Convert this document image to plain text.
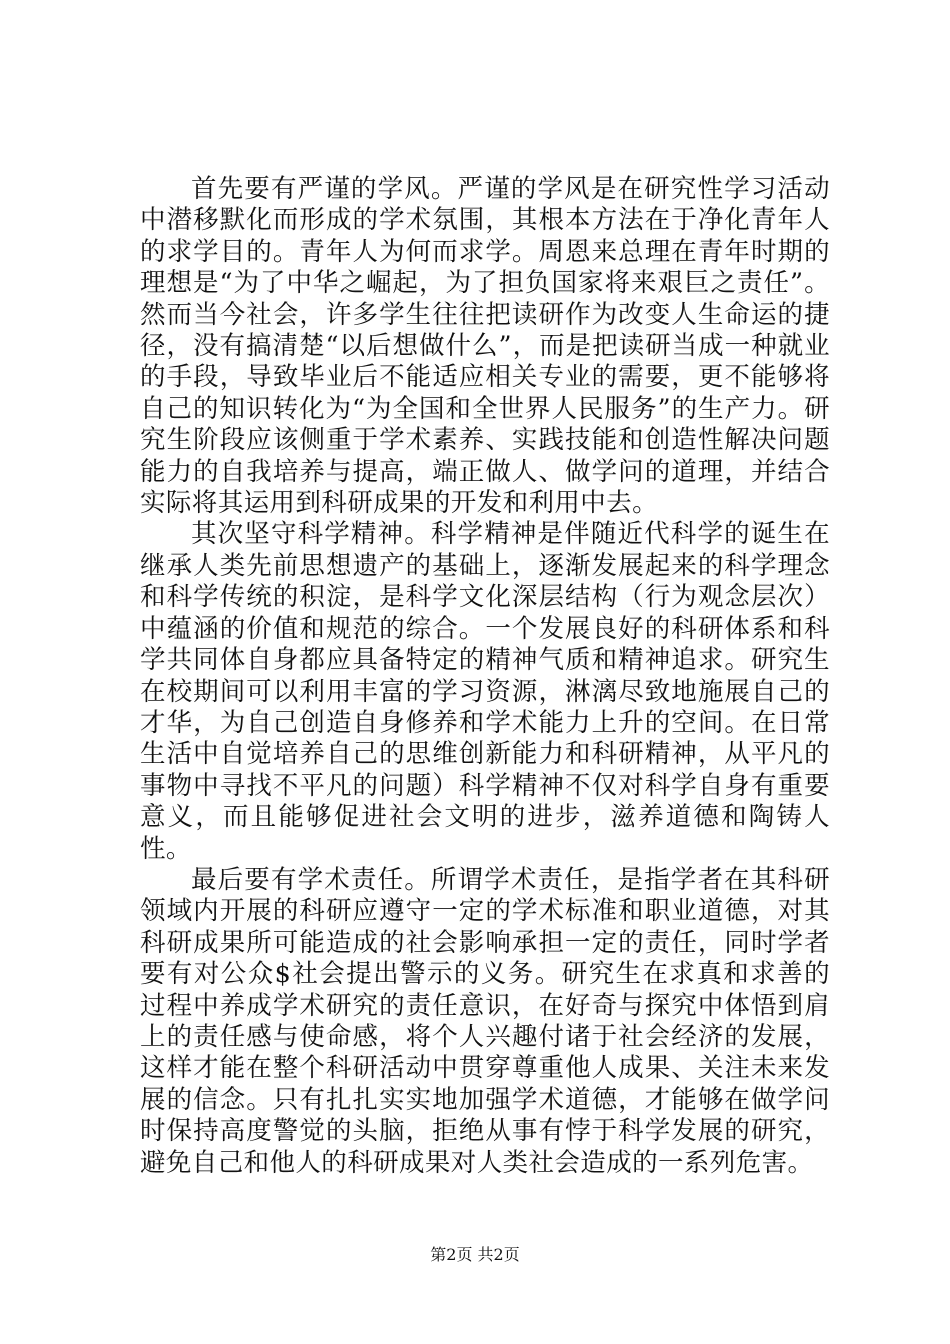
首先要有严谨的学风。严谨的学风是在研究性学习活动中潜移默化而形成的学术氛围，其根本方法在于净化青年人的求学目的。青年人为何而求学。周恩来总理在青年时期的理想是“为了中华之崛起，为了担负国家将来艰巨之责任”。然而当今社会，许多学生往往把读研作为改变人生命运的捷径，没有搞清楚“以后想做什么”，而是把读研当成一种就业的手段，导致毕业后不能适应相关专业的需要，更不能够将自己的知识转化为“为全国和全世界人民服务”的生产力。研究生阶段应该侧重于学术素养、实践技能和创造性解决问题能力的自我培养与提高，端正做人、做学问的道理，并结合实际将其运用到科研成果的开发和利用中去。

其次坚守科学精神。科学精神是伴随近代科学的诞生在继承人类先前思想遗产的基础上，逐渐发展起来的科学理念和科学传统的积淀，是科学文化深层结构（行为观念层次）中蕴涵的价值和规范的综合。一个发展良好的科研体系和科学共同体自身都应具备特定的精神气质和精神追求。研究生在校期间可以利用丰富的学习资源，淋漓尽致地施展自己的才华，为自己创造自身修养和学术能力上升的空间。在日常生活中自觉培养自己的思维创新能力和科研精神，从平凡的事物中寻找不平凡的问题）科学精神不仅对科学自身有重要意义，而且能够促进社会文明的进步，滋养道德和陶铸人性。

最后要有学术责任。所谓学术责任，是指学者在其科研领域内开展的科研应遵守一定的学术标准和职业道德，对其科研成果所可能造成的社会影响承担一定的责任，同时学者要有对公众$社会提出警示的义务。研究生在求真和求善的过程中养成学术研究的责任意识，在好奇与探究中体悟到肩上的责任感与使命感，将个人兴趣付诸于社会经济的发展，这样才能在整个科研活动中贯穿尊重他人成果、关注未来发展的信念。只有扎扎实实地加强学术道德，才能够在做学问时保持高度警觉的头脑，拒绝从事有悖于科学发展的研究，避免自己和他人的科研成果对人类社会造成的一系列危害。

第2页 共2页
